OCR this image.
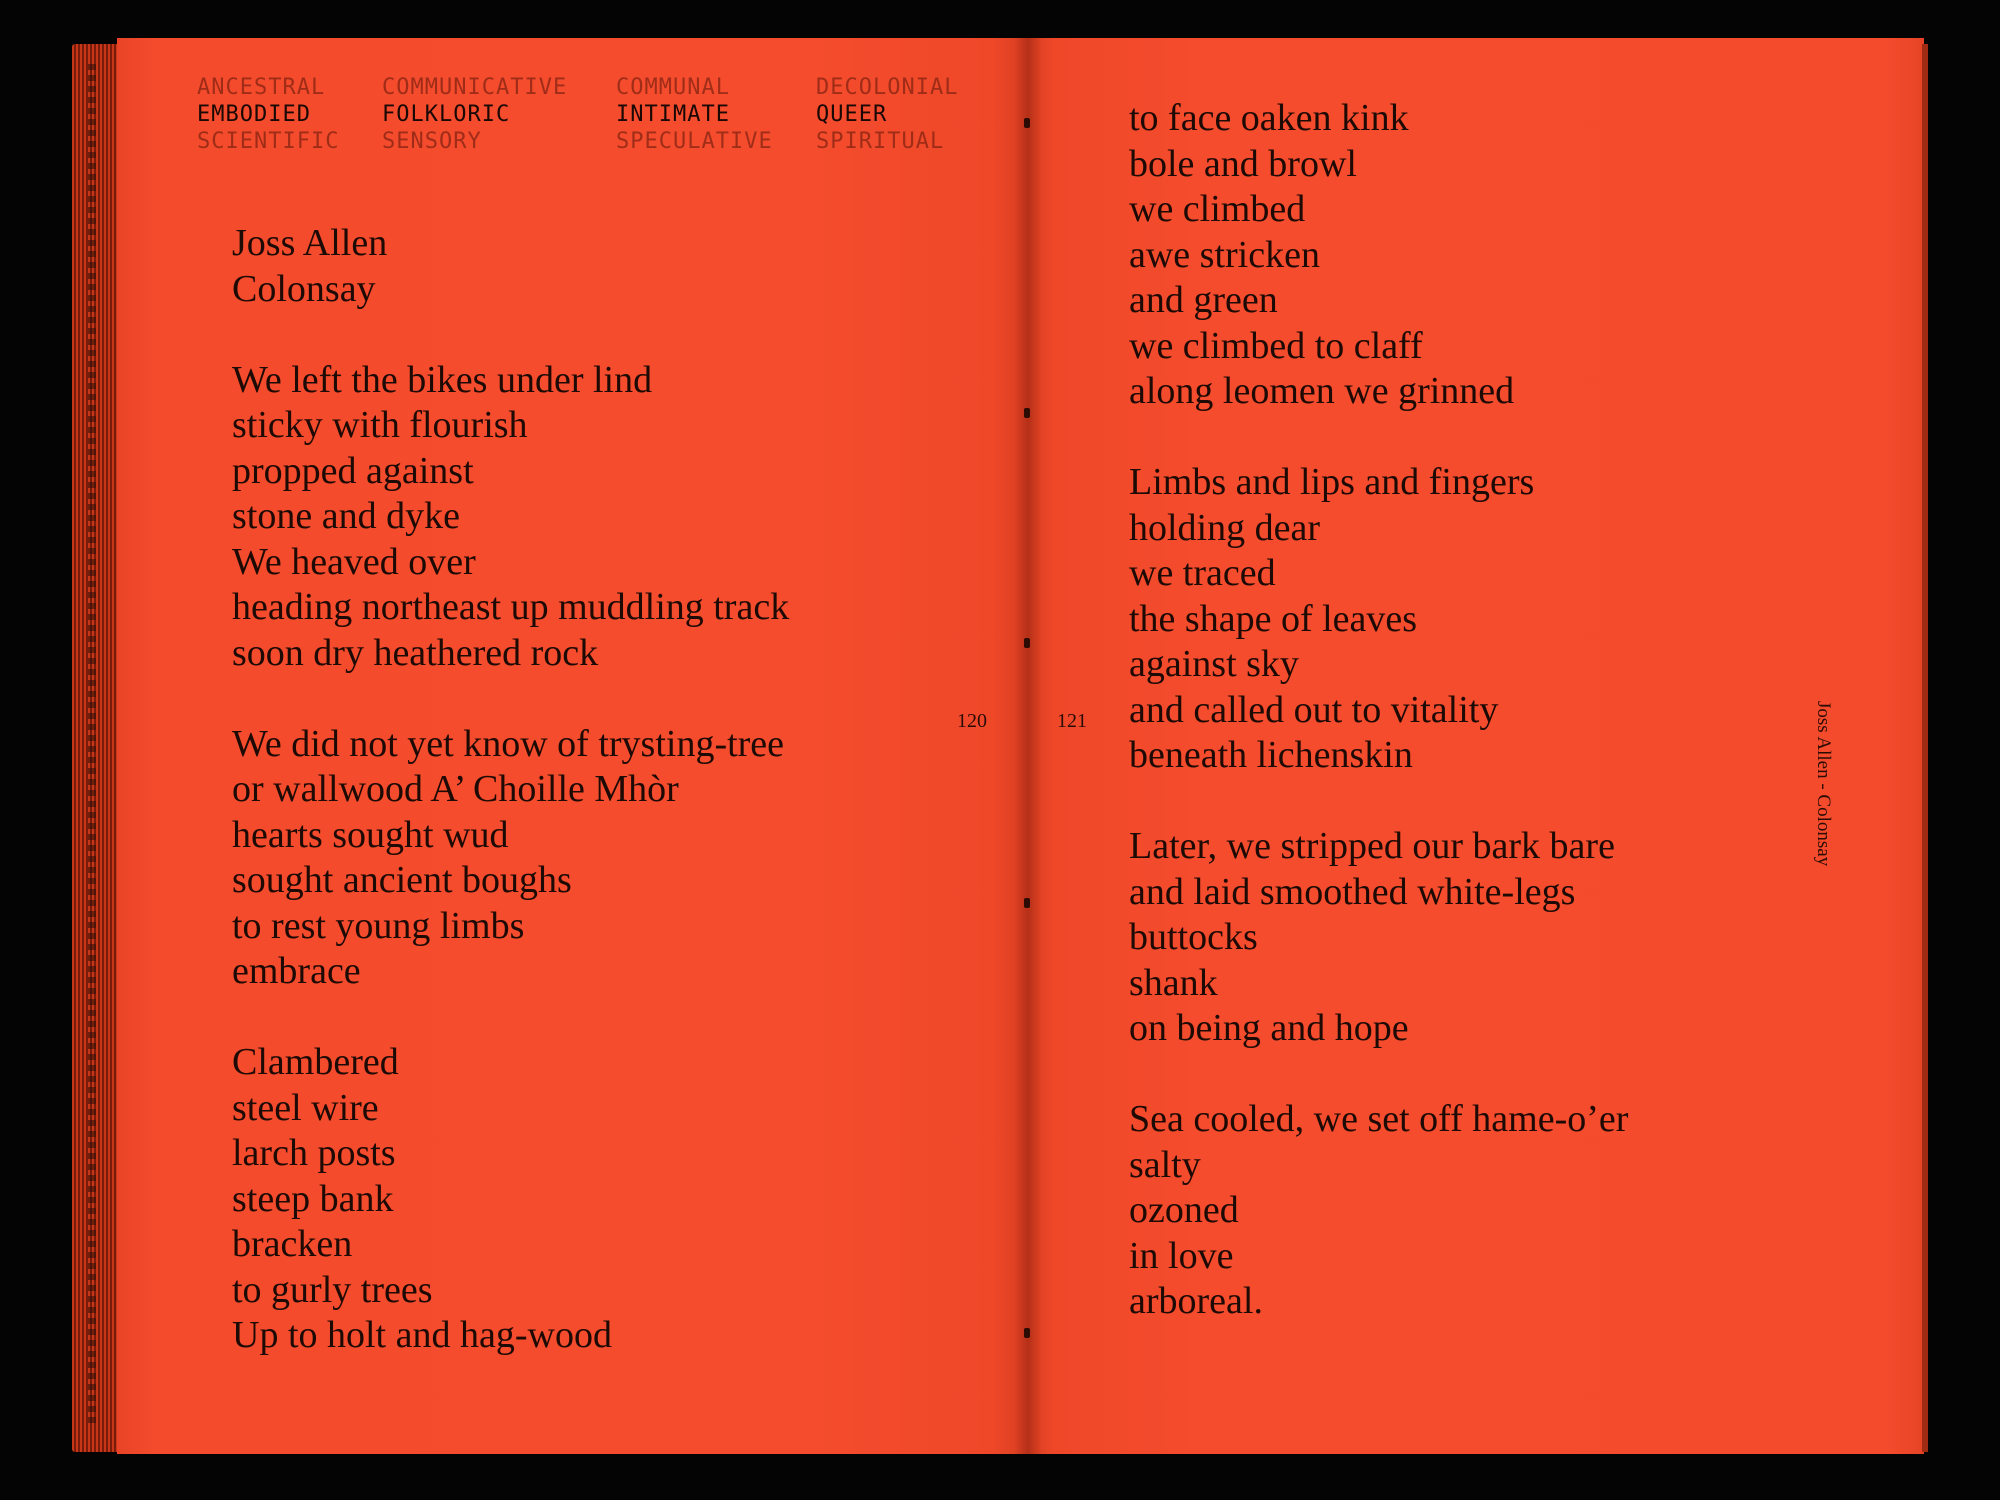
ANCESTRAL	COMMUNICATIVE	COMMUNAL	DECOLONIAL
EMBODIED	FOLKLORIC	INTIMATE	QUEER
SCIENTIFIC	SENSORY	SPECULATIVE	SPIRITUAL
Joss Allen
Colonsay
We left the bikes under lind
sticky with flourish
propped against
stone and dyke
We heaved over
heading northeast up muddling track
soon dry heathered rock
We did not yet know of trysting-tree
or wallwood A’ Choille Mhòr
hearts sought wud
sought ancient boughs
to rest young limbs
embrace
Clambered
steel wire
larch posts
steep bank
bracken
to gurly trees
Up to holt and hag-wood
to face oaken kink
bole and browl
we climbed
awe stricken
and green
we climbed to claff
along leomen we grinned
Limbs and lips and fingers
holding dear
we traced
the shape of leaves
against sky
and called out to vitality
beneath lichenskin
Later, we stripped our bark bare
and laid smoothed white-legs
buttocks
shank
on being and hope
Sea cooled, we set off hame-o’er
salty
ozoned
in love
arboreal.
120	121	Joss Allen - Colonsay
